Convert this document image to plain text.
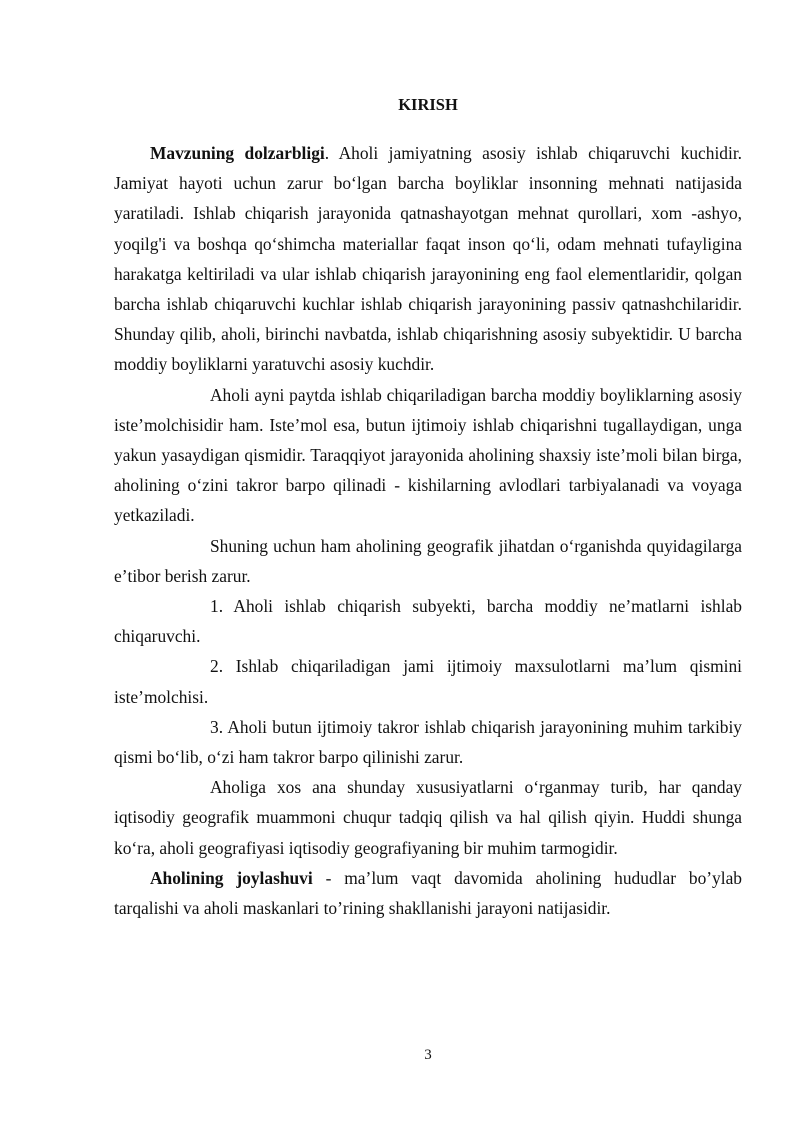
KIRISH

Mavzuning dolzarbligi. Aholi jamiyatning asosiy ishlab chiqaruvchi kuchidir. Jamiyat hayoti uchun zarur boʻlgan barcha boyliklar insonning mehnati natijasida yaratiladi. Ishlab chiqarish jarayonida qatnashayotgan mehnat qurollari, xom -ashyo, yoqilg'i va boshqa qoʻshimcha materiallar faqat inson qoʻli, odam mehnati tufayligina harakatga keltiriladi va ular ishlab chiqarish jarayonining eng faol elementlaridir, qolgan barcha ishlab chiqaruvchi kuchlar ishlab chiqarish jarayonining passiv qatnashchilaridir. Shunday qilib, aholi, birinchi navbatda, ishlab chiqarishning asosiy subyektidir. U barcha moddiy boyliklarni yaratuvchi asosiy kuchdir.

Aholi ayni paytda ishlab chiqariladigan barcha moddiy boyliklarning asosiy isteʼmolchisidir ham. Isteʼmol esa, butun ijtimoiy ishlab chiqarishni tugallaydigan, unga yakun yasaydigan qismidir. Taraqqiyot jarayonida aholining shaxsiy isteʼmoli bilan birga, aholining oʻzini takror barpo qilinadi - kishilarning avlodlari tarbiyalanadi va voyaga yetkaziladi.

Shuning uchun ham aholining geografik jihatdan oʻrganishda quyidagilarga eʼtibor berish zarur.

1. Aholi ishlab chiqarish subyekti, barcha moddiy neʼmatlarni ishlab chiqaruvchi.

2. Ishlab chiqariladigan jami ijtimoiy maxsulotlarni maʼlum qismini isteʼmolchisi.

3. Aholi butun ijtimoiy takror ishlab chiqarish jarayonining muhim tarkibiy qismi boʻlib, oʻzi ham takror barpo qilinishi zarur.

Aholiga xos ana shunday xususiyatlarni oʻrganmay turib, har qanday iqtisodiy geografik muammoni chuqur tadqiq qilish va hal qilish qiyin. Huddi shunga koʻra, aholi geografiyasi iqtisodiy geografiyaning bir muhim tarmogidir.

Aholining joylashuvi - maʼlum vaqt davomida aholining hududlar boʼylab tarqalishi va aholi maskanlari toʼrining shakllanishi jarayoni natijasidir.

3
